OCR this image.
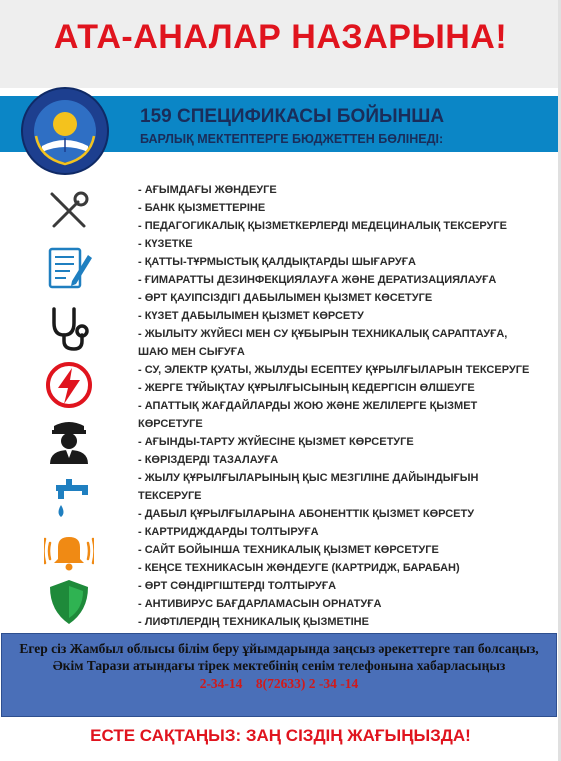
АТА-АНАЛАР НАЗАРЫНА!
159 СПЕЦИФИКАСЫ БОЙЫНША
БАРЛЫҚ МЕКТЕПТЕРГЕ БЮДЖЕТТЕН БӨЛІНЕДІ:
- АҒЫМДАҒЫ ЖӨНДЕУГЕ
- БАНК ҚЫЗМЕТТЕРІНЕ
- ПЕДАГОГИКАЛЫҚ ҚЫЗМЕТКЕРЛЕРДІ МЕДЕЦИНАЛЫҚ ТЕКСЕРУГЕ
- КҮЗЕТКЕ
- ҚАТТЫ-ТҰРМЫСТЫҚ ҚАЛДЫҚТАРДЫ ШЫҒАРУҒА
- ҒИМАРАТТЫ ДЕЗИНФЕКЦИЯЛАУҒА ЖӘНЕ ДЕРАТИЗАЦИЯЛАУҒА
- ӨРТ ҚАУІПСІЗДІГІ ДАБЫЛЫМЕН ҚЫЗМЕТ КӨСЕТУГЕ
- КҮЗЕТ ДАБЫЛЫМЕН ҚЫЗМЕТ КӨРСЕТУ
- ЖЫЛЫТУ ЖҮЙЕСІ МЕН СУ ҚҰБЫРЫН ТЕХНИКАЛЫҚ САРАПТАУҒА,
ШАЮ МЕН СЫҒУҒА
- СУ, ЭЛЕКТР ҚУАТЫ, ЖЫЛУДЫ ЕСЕПТЕУ ҚҰРЫЛҒЫЛАРЫН ТЕКСЕРУГЕ
- ЖЕРГЕ ТҰЙЫҚТАУ ҚҰРЫЛҒЫСЫНЫҢ КЕДЕРГІСІН ӨЛШЕУГЕ
- АПАТТЫҚ ЖАҒДАЙЛАРДЫ ЖОЮ ЖӘНЕ ЖЕЛІЛЕРГЕ ҚЫЗМЕТ
КӨРСЕТУГЕ
- АҒЫНДЫ-ТАРТУ ЖҮЙЕСІНЕ ҚЫЗМЕТ КӨРСЕТУГЕ
- КӨРІЗДЕРДІ ТАЗАЛАУҒА
- ЖЫЛУ ҚҰРЫЛҒЫЛАРЫНЫҢ ҚЫС МЕЗГІЛІНЕ ДАЙЫНДЫҒЫН
ТЕКСЕРУГЕ
- ДАБЫЛ ҚҰРЫЛҒЫЛАРЫНА АБОНЕНТТІК ҚЫЗМЕТ КӨРСЕТУ
- КАРТРИДЖДАРДЫ ТОЛТЫРУҒА
- САЙТ БОЙЫНША ТЕХНИКАЛЫҚ ҚЫЗМЕТ КӨРСЕТУГЕ
- КЕҢСЕ ТЕХНИКАСЫН ЖӨНДЕУГЕ (КАРТРИДЖ, БАРАБАН)
- ӨРТ СӨНДІРГІШТЕРДІ ТОЛТЫРУҒА
- АНТИВИРУС БАҒДАРЛАМАСЫН ОРНАТУҒА
- ЛИФТІЛЕРДІҢ ТЕХНИКАЛЫҚ ҚЫЗМЕТІНЕ
Егер сіз Жамбыл облысы білім беру ұйымдарында заңсыз әрекеттерге тап болсаңыз, Әкім Тарази атындағы тірек мектебінің сенім телефонына хабарласыңыз
2-34-14    8(72633) 2 -34 -14
ЕСТЕ САҚТАҢЫЗ: ЗАҢ СІЗДІҢ ЖАҒЫҢЫЗДА!
